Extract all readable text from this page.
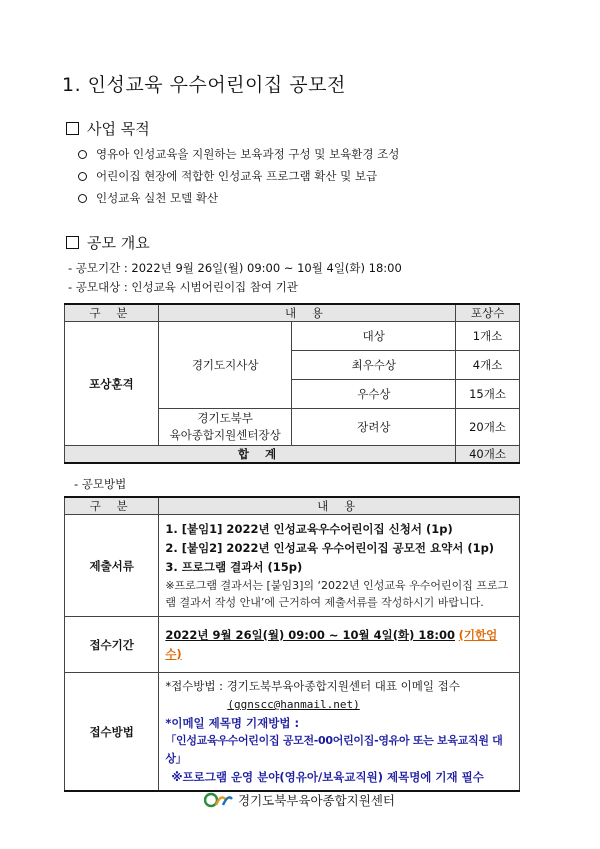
1. 인성교육 우수어린이집 공모전
사업 목적
영유아 인성교육을 지원하는 보육과정 구성 및 보육환경 조성
어린이집 현장에 적합한 인성교육 프로그램 확산 및 보급
인성교육 실천 모델 확산
공모 개요
- 공모기간 : 2022년 9월 26일(월) 09:00 ~ 10월 4일(화) 18:00
- 공모대상 : 인성교육 시범어린이집 참여 기관
구 분	내 용		포상수
포상훈격	경기도지사상	대상	1개소
		최우수상	4개소
		우수상	15개소

	경기도북부
육아종합지원센터장상	장려상	20개소
합 계			40개소
- 공모방법
구 분	내 용
제출서류	1. [붙임1] 2022년 인성교육우수어린이집 신청서 (1p)
2. [붙임2] 2022년 인성교육 우수어린이집 공모전 요약서 (1p)
3. 프로그램 결과서 (15p)
※프로그램 결과서는 [붙임3]의 ‘2022년 인성교육 우수어린이집 프로그램 결과서 작성 안내’에 근거하여 제출서류를 작성하시기 바랍니다.

접수기간	2022년 9월 26일(월) 09:00 ~ 10월 4일(화) 18:00 (기한엄수)
접수방법	*접수방법 : 경기도북부육아종합지원센터 대표 이메일 접수
(ggnscc@hanmail.net)
*이메일 제목명 기재방법 :
「인성교육우수어린이집 공모전-00어린이집-영유아 또는 보육교직원 대상」
※프로그램 운영 분야(영유아/보육교직원) 제목명에 기재 필수
경기도북부육아종합지원센터
